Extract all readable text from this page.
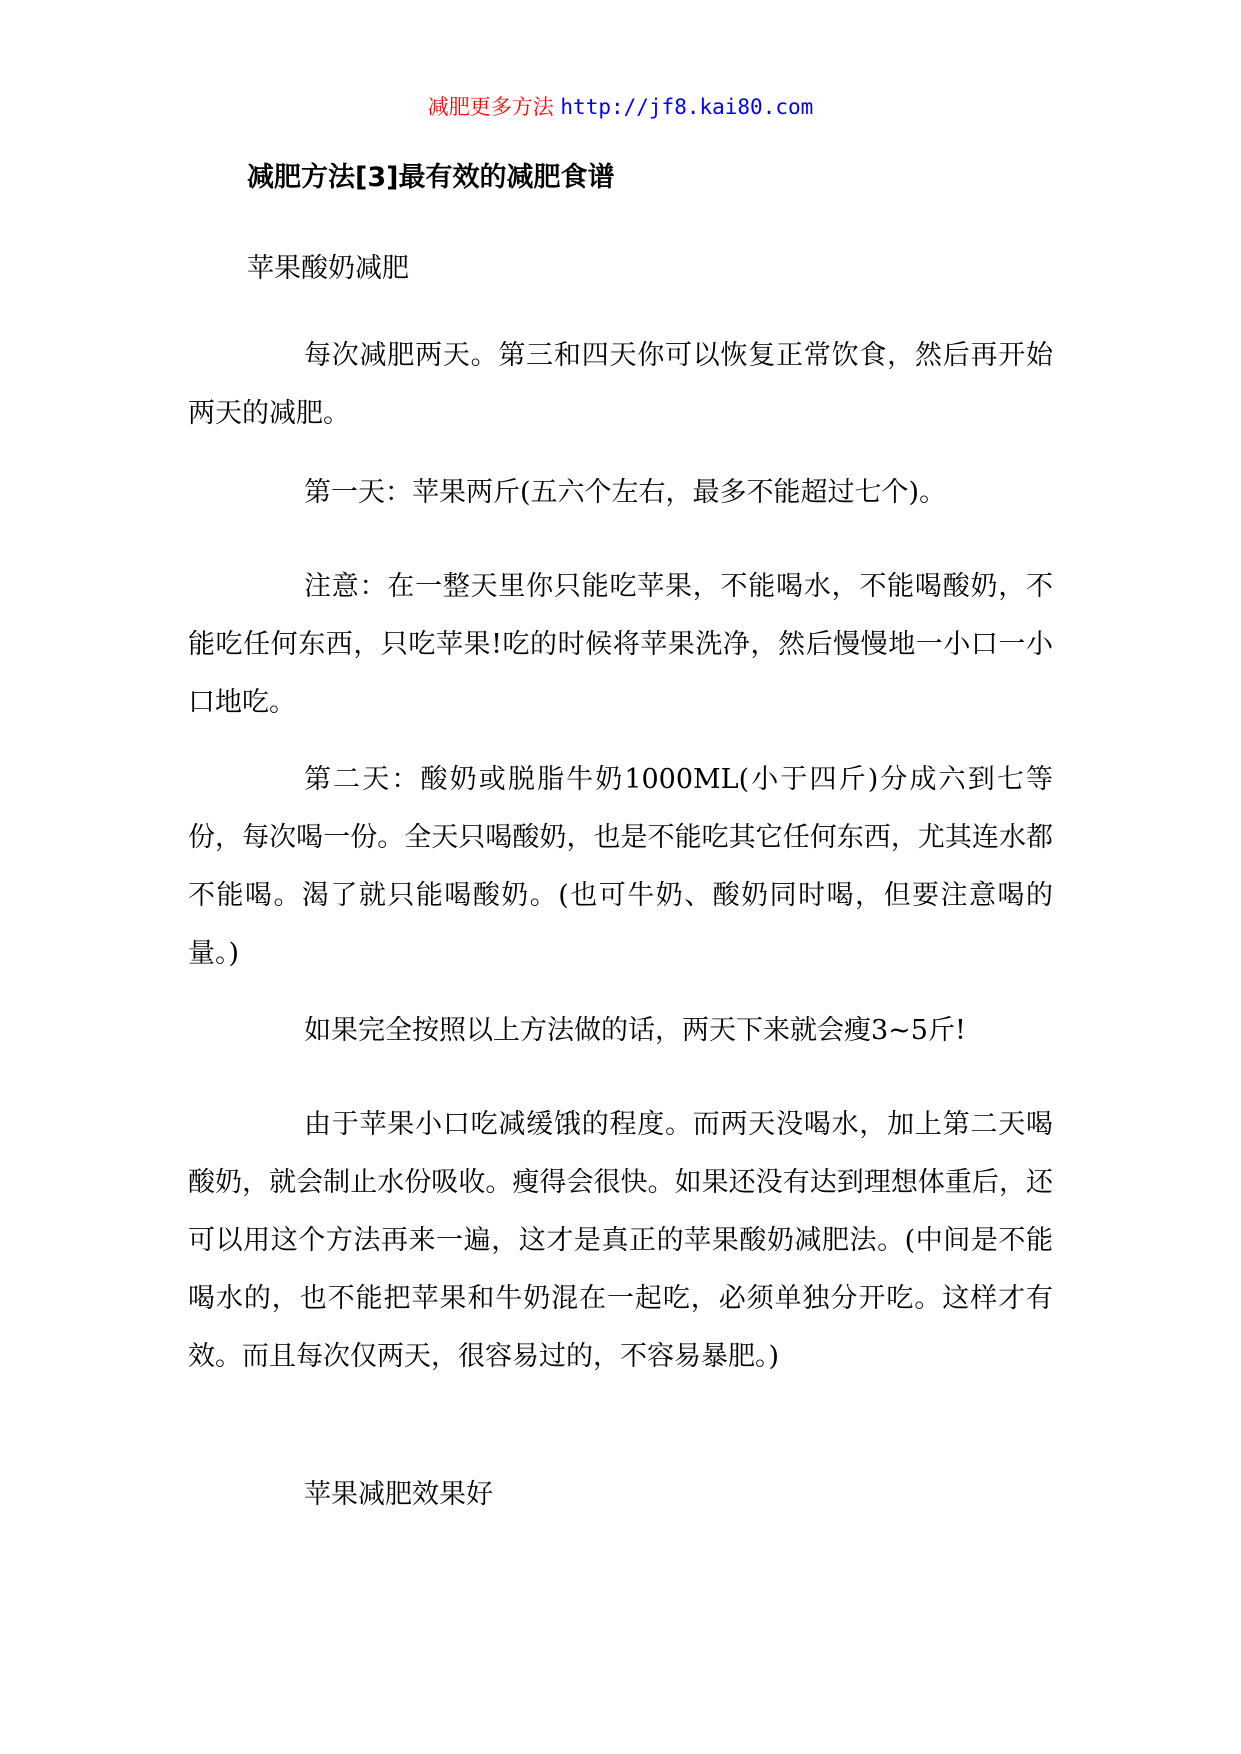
减肥更多方法 http://jf8.kai80.com
减肥方法[3]最有效的减肥食谱

苹果酸奶减肥

每次减肥两天。第三和四天你可以恢复正常饮食，然后再开始两天的减肥。

第一天：苹果两斤(五六个左右，最多不能超过七个)。

注意：在一整天里你只能吃苹果，不能喝水，不能喝酸奶，不能吃任何东西，只吃苹果!吃的时候将苹果洗净，然后慢慢地一小口一小口地吃。

第二天：酸奶或脱脂牛奶1000ML(小于四斤)分成六到七等份，每次喝一份。全天只喝酸奶，也是不能吃其它任何东西，尤其连水都不能喝。渴了就只能喝酸奶。(也可牛奶、酸奶同时喝，但要注意喝的量。)

如果完全按照以上方法做的话，两天下来就会瘦3~5斤!

由于苹果小口吃减缓饿的程度。而两天没喝水，加上第二天喝酸奶，就会制止水份吸收。瘦得会很快。如果还没有达到理想体重后，还可以用这个方法再来一遍，这才是真正的苹果酸奶减肥法。(中间是不能喝水的，也不能把苹果和牛奶混在一起吃，必须单独分开吃。这样才有效。而且每次仅两天，很容易过的，不容易暴肥。)

苹果减肥效果好
